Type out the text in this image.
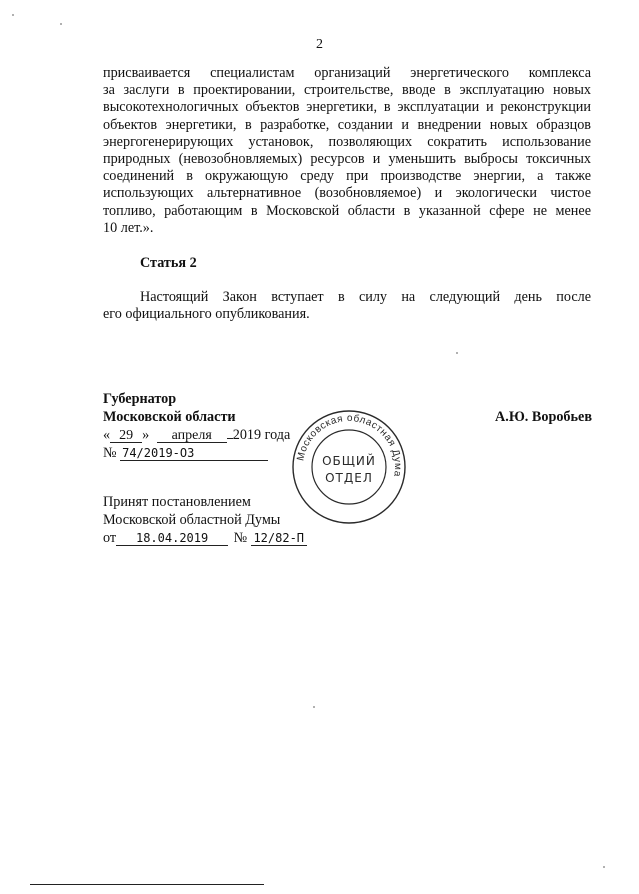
2
присваивается специалистам организаций энергетического комплекса
за заслуги в проектировании, строительстве, вводе в эксплуатацию новых
высокотехнологичных объектов энергетики, в эксплуатации и реконструкции
объектов энергетики, в разработке, создании и внедрении новых образцов
энергогенерирующих установок, позволяющих сократить использование
природных (невозобновляемых) ресурсов и уменьшить выбросы токсичных
соединений в окружающую среду при производстве энергии, а также
использующих альтернативное (возобновляемое) и экологически чистое
топливо, работающим в Московской области в указанной сфере не менее
10 лет.».
Статья 2
Настоящий Закон вступает в силу на следующий день после
его официального опубликования.
Губернатор
Московской области	А.Ю. Воробьев
« 29 » апреля 2019 года
№ 74/2019-ОЗ
Принят постановлением
Московской областной Думы
от 18.04.2019 № 12/82-П
Московская областная Дума
ОБЩИЙ
ОТДЕЛ
